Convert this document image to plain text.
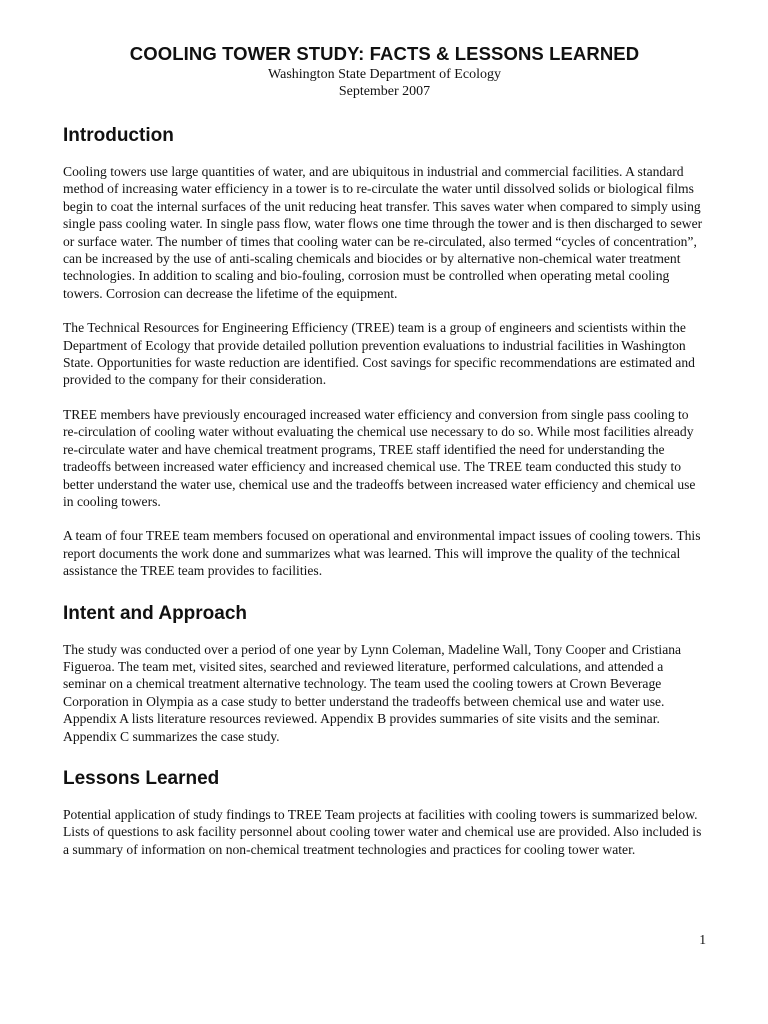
COOLING TOWER STUDY: FACTS & LESSONS LEARNED
Washington State Department of Ecology
September 2007
Introduction

Cooling towers use large quantities of water, and are ubiquitous in industrial and commercial facilities. A standard method of increasing water efficiency in a tower is to re-circulate the water until dissolved solids or biological films begin to coat the internal surfaces of the unit reducing heat transfer. This saves water when compared to simply using single pass cooling water. In single pass flow, water flows one time through the tower and is then discharged to sewer or surface water. The number of times that cooling water can be re-circulated, also termed “cycles of concentration”, can be increased by the use of anti-scaling chemicals and biocides or by alternative non-chemical water treatment technologies. In addition to scaling and bio-fouling, corrosion must be controlled when operating metal cooling towers. Corrosion can decrease the lifetime of the equipment.

The Technical Resources for Engineering Efficiency (TREE) team is a group of engineers and scientists within the Department of Ecology that provide detailed pollution prevention evaluations to industrial facilities in Washington State. Opportunities for waste reduction are identified. Cost savings for specific recommendations are estimated and provided to the company for their consideration.

TREE members have previously encouraged increased water efficiency and conversion from single pass cooling to re-circulation of cooling water without evaluating the chemical use necessary to do so. While most facilities already re-circulate water and have chemical treatment programs, TREE staff identified the need for understanding the tradeoffs between increased water efficiency and increased chemical use. The TREE team conducted this study to better understand the water use, chemical use and the tradeoffs between increased water efficiency and chemical use in cooling towers.

A team of four TREE team members focused on operational and environmental impact issues of cooling towers. This report documents the work done and summarizes what was learned. This will improve the quality of the technical assistance the TREE team provides to facilities.

Intent and Approach

The study was conducted over a period of one year by Lynn Coleman, Madeline Wall, Tony Cooper and Cristiana Figueroa. The team met, visited sites, searched and reviewed literature, performed calculations, and attended a seminar on a chemical treatment alternative technology. The team used the cooling towers at Crown Beverage Corporation in Olympia as a case study to better understand the tradeoffs between chemical use and water use. Appendix A lists literature resources reviewed. Appendix B provides summaries of site visits and the seminar. Appendix C summarizes the case study.

Lessons Learned

Potential application of study findings to TREE Team projects at facilities with cooling towers is summarized below. Lists of questions to ask facility personnel about cooling tower water and chemical use are provided. Also included is a summary of information on non-chemical treatment technologies and practices for cooling tower water.

1
